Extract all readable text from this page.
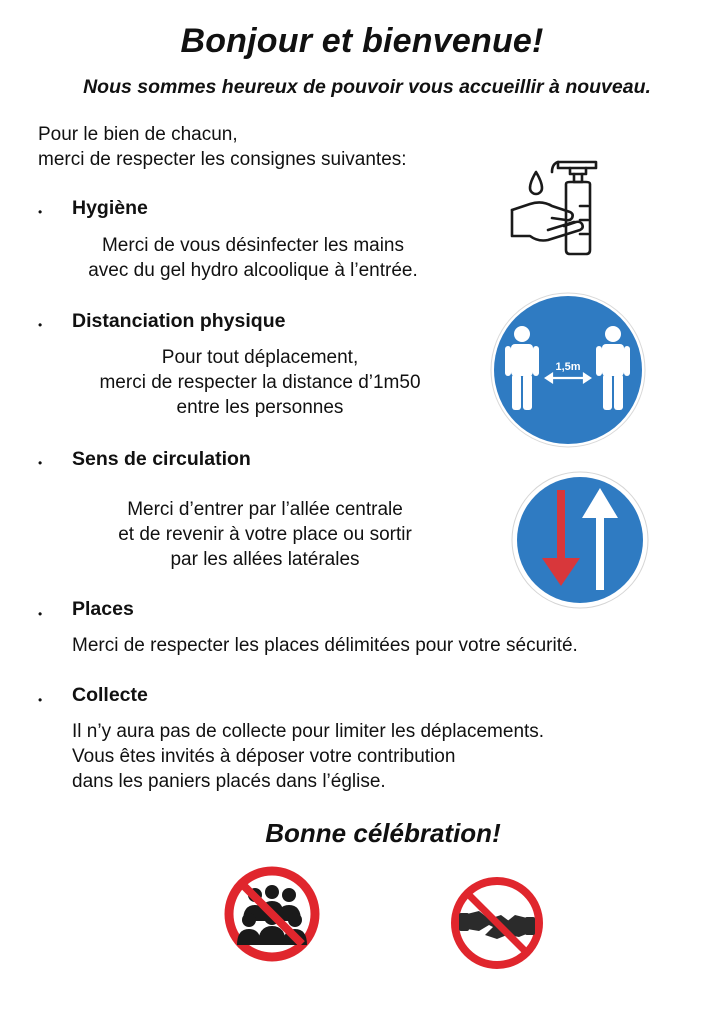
Bonjour et bienvenue!
Nous sommes heureux de pouvoir vous accueillir à nouveau.
Pour le bien de chacun,
merci de respecter les consignes suivantes:
• Hygiène
Merci de vous désinfecter les mains
avec du gel hydro alcoolique à l’entrée.
• Distanciation physique
Pour tout déplacement,
merci de respecter la distance d’1m50
entre les personnes
• Sens de circulation
Merci d’entrer par l’allée centrale
et de revenir à votre place ou sortir
par les allées latérales
• Places
Merci de respecter les places délimitées pour votre sécurité.
• Collecte
Il n’y aura pas de collecte pour limiter les déplacements.
Vous êtes invités à déposer votre contribution
dans les paniers placés dans l’église.
Bonne célébration!
1,5m
